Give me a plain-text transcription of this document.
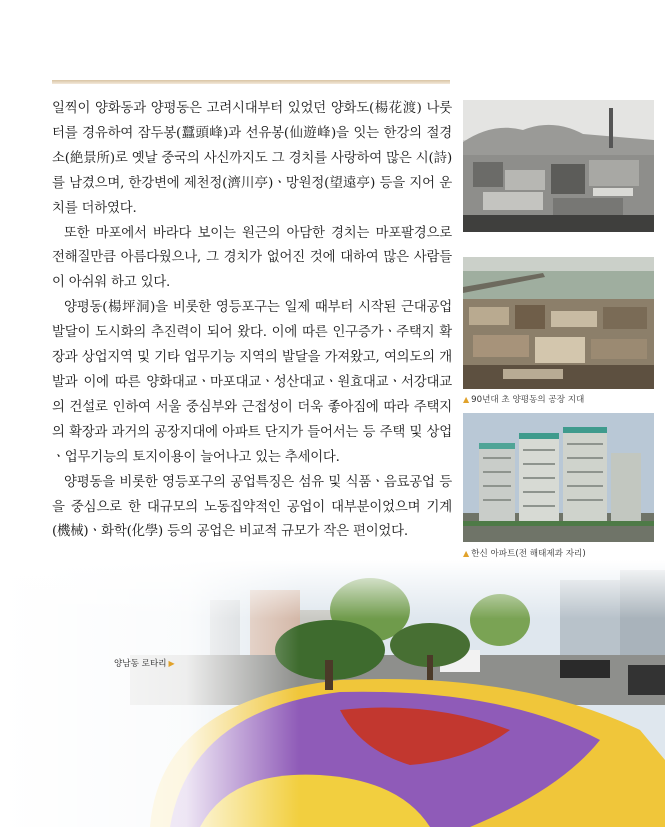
일찍이 양화동과 양평동은 고려시대부터 있었던 양화도(楊花渡) 나룻터를 경유하여 잠두봉(蠶頭峰)과 선유봉(仙遊峰)을 잇는 한강의 절경소(絶景所)로 옛날 중국의 사신까지도 그 경치를 사랑하여 많은 시(詩)를 남겼으며, 한강변에 제천정(濟川亭)ㆍ망원정(望遠亭) 등을 지어 운치를 더하였다.

또한 마포에서 바라다 보이는 원근의 아담한 경치는 마포팔경으로 전해질만큼 아름다웠으나, 그 경치가 없어진 것에 대하여 많은 사람들이 아쉬워 하고 있다.

양평동(楊坪洞)을 비롯한 영등포구는 일제 때부터 시작된 근대공업 발달이 도시화의 추진력이 되어 왔다. 이에 따른 인구증가ㆍ주택지 확장과 상업지역 및 기타 업무기능 지역의 발달을 가져왔고, 여의도의 개발과 이에 따른 양화대교ㆍ마포대교ㆍ성산대교ㆍ원효대교ㆍ서강대교의 건설로 인하여 서울 중심부와 근접성이 더욱 좋아짐에 따라 주택지의 확장과 과거의 공장지대에 아파트 단지가 들어서는 등 주택 및 상업ㆍ업무기능의 토지이용이 늘어나고 있는 추세이다.

양평동을 비롯한 영등포구의 공업특징은 섬유 및 식품ㆍ음료공업 등을 중심으로 한 대규모의 노동집약적인 공업이 대부분이었으며 기계(機械)ㆍ화학(化學) 등의 공업은 비교적 규모가 작은 편이었다.

▲ 90년대 초 양평동의 공장 지대
▲ 한신 아파트(전 해태제과 자리)
양남동 로타리 ▶
